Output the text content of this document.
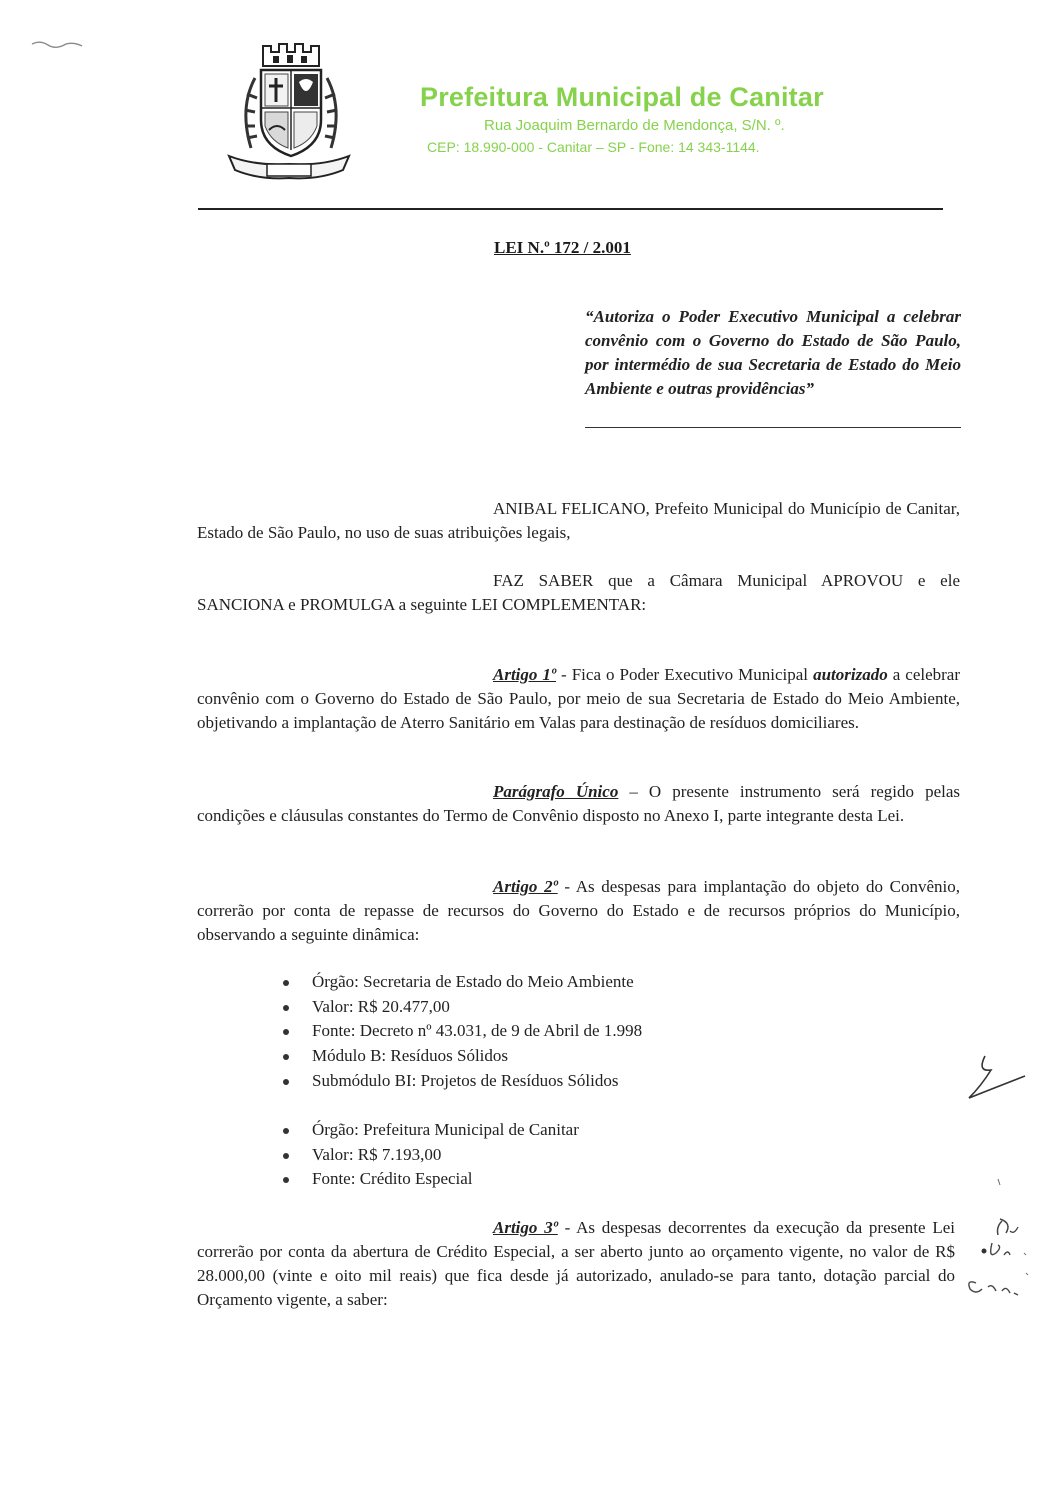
Prefeitura Municipal de Canitar
Rua Joaquim Bernardo de Mendonça, S/N. º.
CEP: 18.990-000 - Canitar – SP - Fone: 14 343-1144.
LEI N.º 172 / 2.001
“Autoriza o Poder Executivo Municipal a celebrar convênio com o Governo do Estado de São Paulo, por intermédio de sua Secretaria de Estado do Meio Ambiente e outras providências”
ANIBAL FELICANO, Prefeito Municipal do Município de Canitar, Estado de São Paulo, no uso de suas atribuições legais,
FAZ SABER que a Câmara Municipal APROVOU e ele SANCIONA e PROMULGA a seguinte LEI COMPLEMENTAR:
Artigo 1º - Fica o Poder Executivo Municipal autorizado a celebrar convênio com o Governo do Estado de São Paulo, por meio de sua Secretaria de Estado do Meio Ambiente, objetivando a implantação de Aterro Sanitário em Valas para destinação de resíduos domiciliares.
Parágrafo Único – O presente instrumento será regido pelas condições e cláusulas constantes do Termo de Convênio disposto no Anexo I, parte integrante desta Lei.
Artigo 2º - As despesas para implantação do objeto do Convênio, correrão por conta de repasse de recursos do Governo do Estado e de recursos próprios do Município, observando a seguinte dinâmica:
Órgão: Secretaria de Estado do Meio Ambiente
Valor: R$ 20.477,00
Fonte: Decreto nº 43.031, de 9 de Abril de 1.998
Módulo B: Resíduos Sólidos
Submódulo BI: Projetos de Resíduos Sólidos
Órgão: Prefeitura Municipal de Canitar
Valor: R$ 7.193,00
Fonte: Crédito Especial
Artigo 3º - As despesas decorrentes da execução da presente Lei correrão por conta da abertura de Crédito Especial, a ser aberto junto ao orçamento vigente, no valor de R$ 28.000,00 (vinte e oito mil reais) que fica desde já autorizado, anulado-se para tanto, dotação parcial do Orçamento vigente, a saber:
